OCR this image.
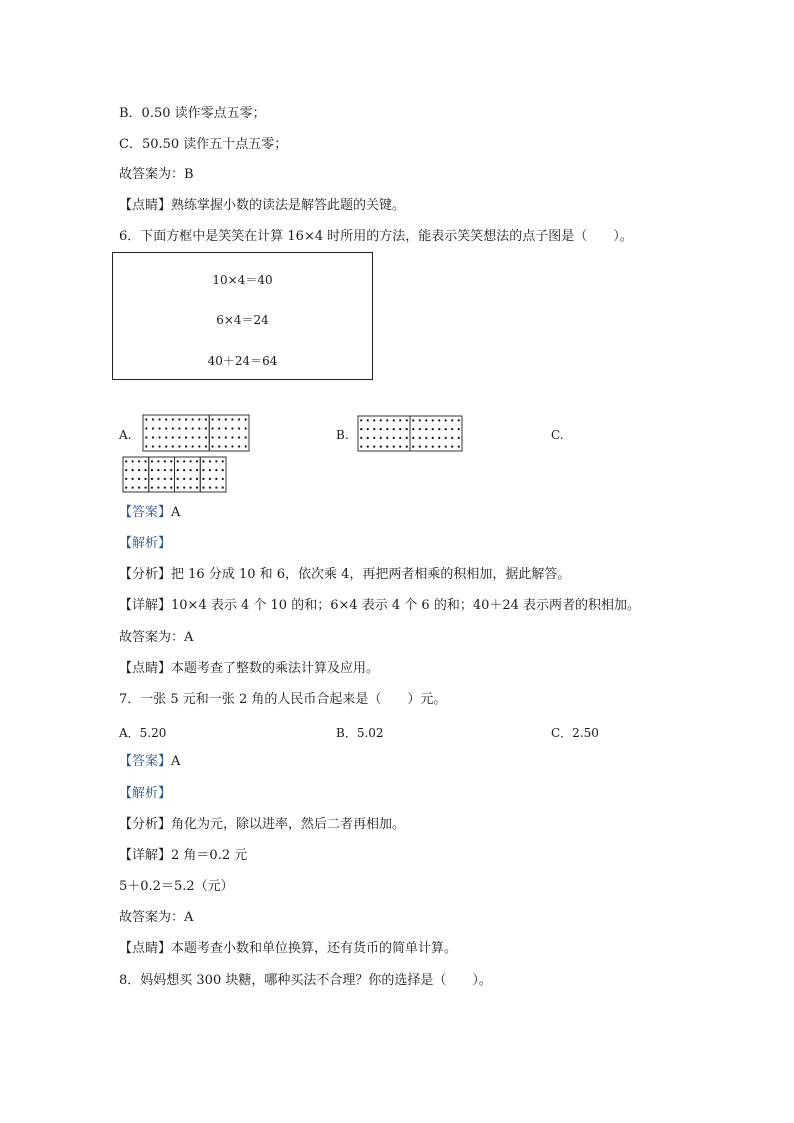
B．0.50 读作零点五零；
C．50.50 读作五十点五零；
故答案为：B
【点睛】熟练掌握小数的读法是解答此题的关键。
6．下面方框中是笑笑在计算 16×4 时所用的方法，能表示笑笑想法的点子图是（　　）。
10×4＝40
6×4＝24
40＋24＝64
A.	B.	C.
【答案】A
【解析】
【分析】把 16 分成 10 和 6，依次乘 4，再把两者相乘的积相加，据此解答。
【详解】10×4 表示 4 个 10 的和；6×4 表示 4 个 6 的和；40＋24 表示两者的积相加。
故答案为：A
【点睛】本题考查了整数的乘法计算及应用。
7．一张 5 元和一张 2 角的人民币合起来是（　　）元。
A．5.20	B．5.02	C．2.50
【答案】A
【解析】
【分析】角化为元，除以进率，然后二者再相加。
【详解】2 角＝0.2 元
5＋0.2＝5.2（元）
故答案为：A
【点睛】本题考查小数和单位换算，还有货币的简单计算。
8．妈妈想买 300 块糖，哪种买法不合理？你的选择是（　　）。
